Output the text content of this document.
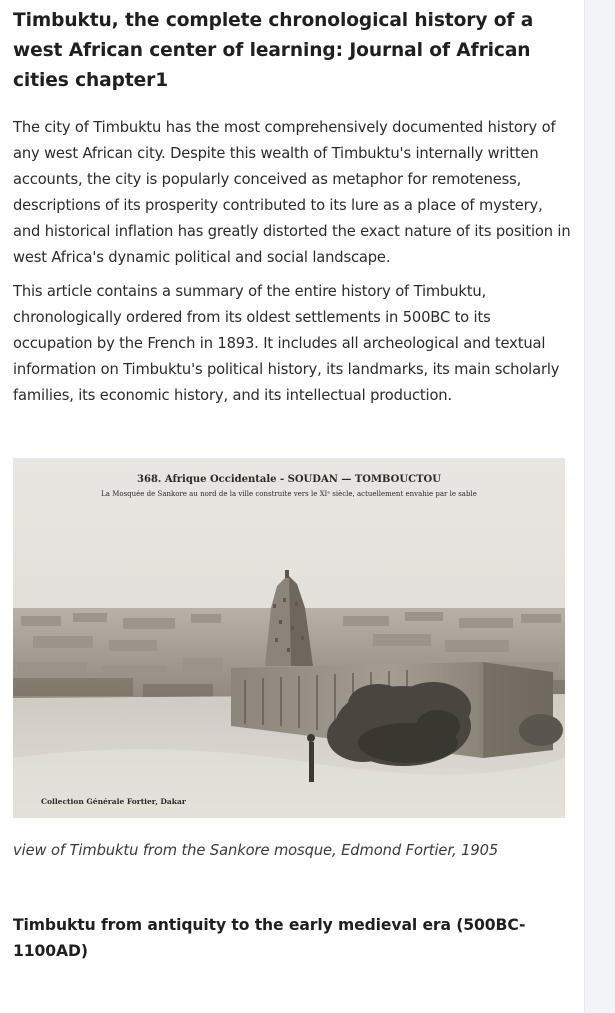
Timbuktu, the complete chronological history of a west African center of learning: Journal of African cities chapter1

The city of Timbuktu has the most comprehensively documented history of any west African city. Despite this wealth of Timbuktu's internally written accounts, the city is popularly conceived as metaphor for remoteness, descriptions of its prosperity contributed to its lure as a place of mystery, and historical inflation has greatly distorted the exact nature of its position in west Africa's dynamic political and social landscape.

This article contains a summary of the entire history of Timbuktu, chronologically ordered from its oldest settlements in 500BC to its occupation by the French in 1893. It includes all archeological and textual information on Timbuktu's political history, its landmarks, its main scholarly families, its economic history, and its intellectual production.

368. Afrique Occidentale - SOUDAN — TOMBOUCTOU
La Mosquée de Sankore au nord de la ville construite vers le XIᵉ siècle, actuellement envahie par le sable
Collection Générale Fortier, Dakar
view of Timbuktu from the Sankore mosque, Edmond Fortier, 1905
Timbuktu from antiquity to the early medieval era (500BC-1100AD)
